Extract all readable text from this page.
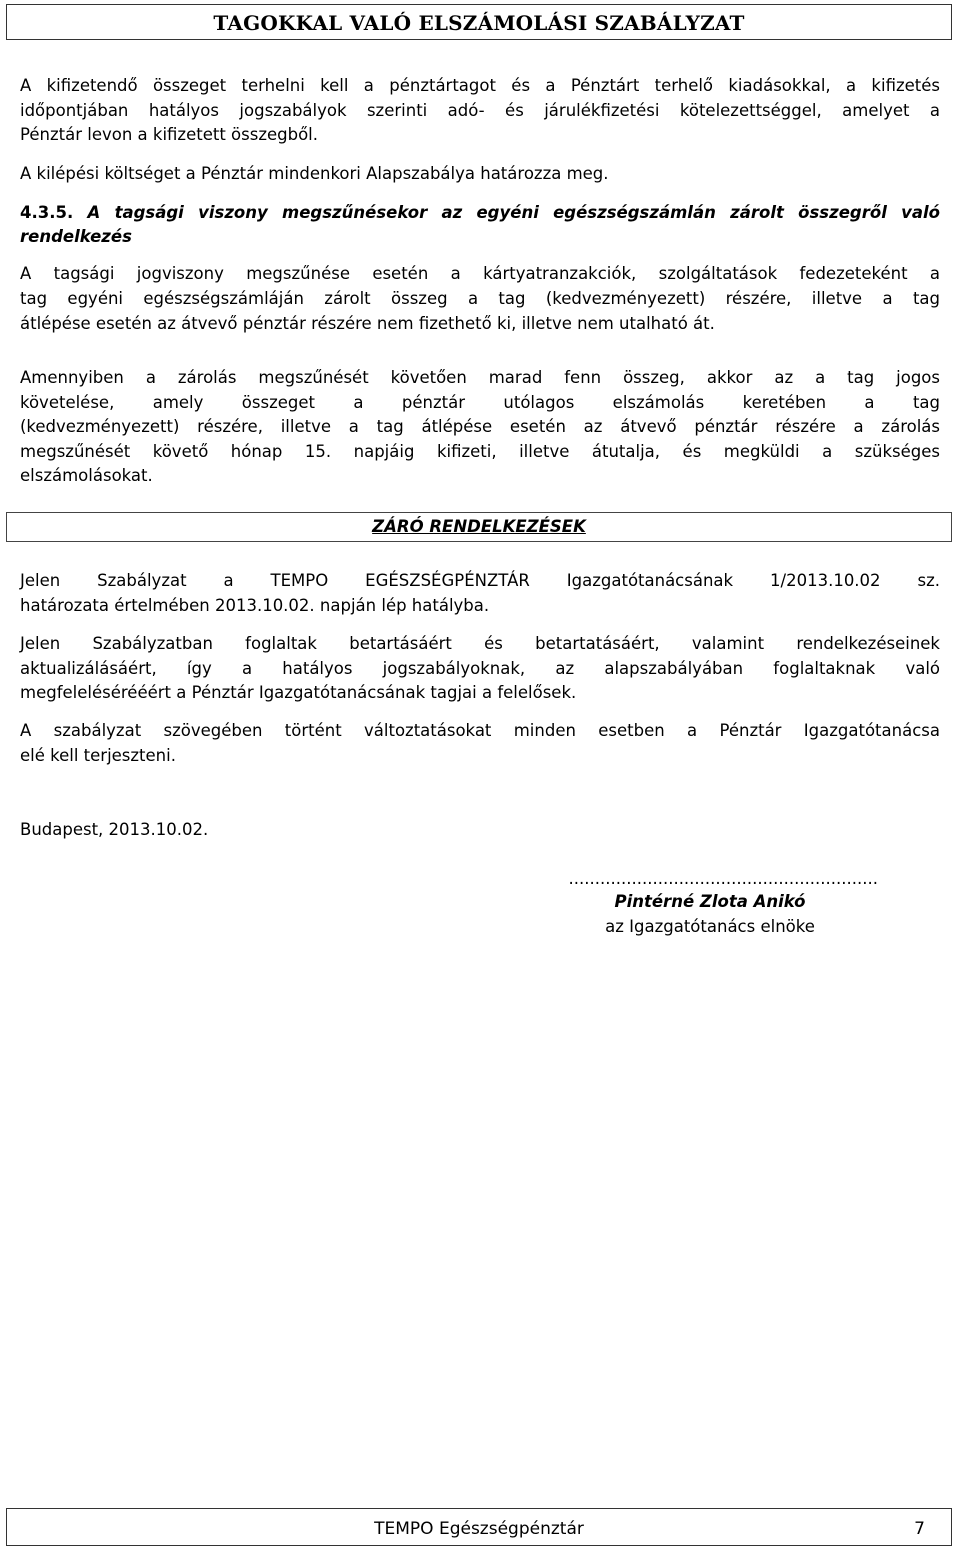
TAGOKKAL VALÓ ELSZÁMOLÁSI SZABÁLYZAT

A kifizetendő összeget terhelni kell a pénztártagot és a Pénztárt terhelő kiadásokkal, a kifizetés

időpontjában hatályos jogszabályok szerinti adó- és járulékfizetési kötelezettséggel, amelyet a

Pénztár levon a kifizetett összegből.

A kilépési költséget a Pénztár mindenkori Alapszabálya határozza meg.

4.3.5. A tagsági viszony megszűnésekor az egyéni egészségszámlán zárolt összegről való
rendelkezés

A tagsági jogviszony megszűnése esetén a kártyatranzakciók, szolgáltatások fedezeteként a

tag egyéni egészségszámláján zárolt összeg a tag (kedvezményezett) részére, illetve a tag

átlépése esetén az átvevő pénztár részére nem fizethető ki, illetve nem utalható át.

Amennyiben a zárolás megszűnését követően marad fenn összeg, akkor az a tag jogos

követelése, amely összeget a pénztár utólagos elszámolás keretében a tag

(kedvezményezett) részére, illetve a tag átlépése esetén az átvevő pénztár részére a zárolás

megszűnését követő hónap 15. napjáig kifizeti, illetve átutalja, és megküldi a szükséges

elszámolásokat.

ZÁRÓ RENDELKEZÉSEK

Jelen Szabályzat a TEMPO EGÉSZSÉGPÉNZTÁR Igazgatótanácsának 1/2013.10.02 sz.

határozata értelmében 2013.10.02. napján lép hatályba.

Jelen Szabályzatban foglaltak betartásáért és betartatásáért, valamint rendelkezéseinek

aktualizálásáért, így a hatályos jogszabályoknak, az alapszabályában foglaltaknak való

megfelelésérééért a Pénztár Igazgatótanácsának tagjai a felelősek.

A szabályzat szövegében történt változtatásokat minden esetben a Pénztár Igazgatótanácsa

elé kell terjeszteni.

Budapest, 2013.10.02.

...........................................................
Pintérné Zlota Anikó
az Igazgatótanács elnöke
TEMPO Egészségpénztár	7
